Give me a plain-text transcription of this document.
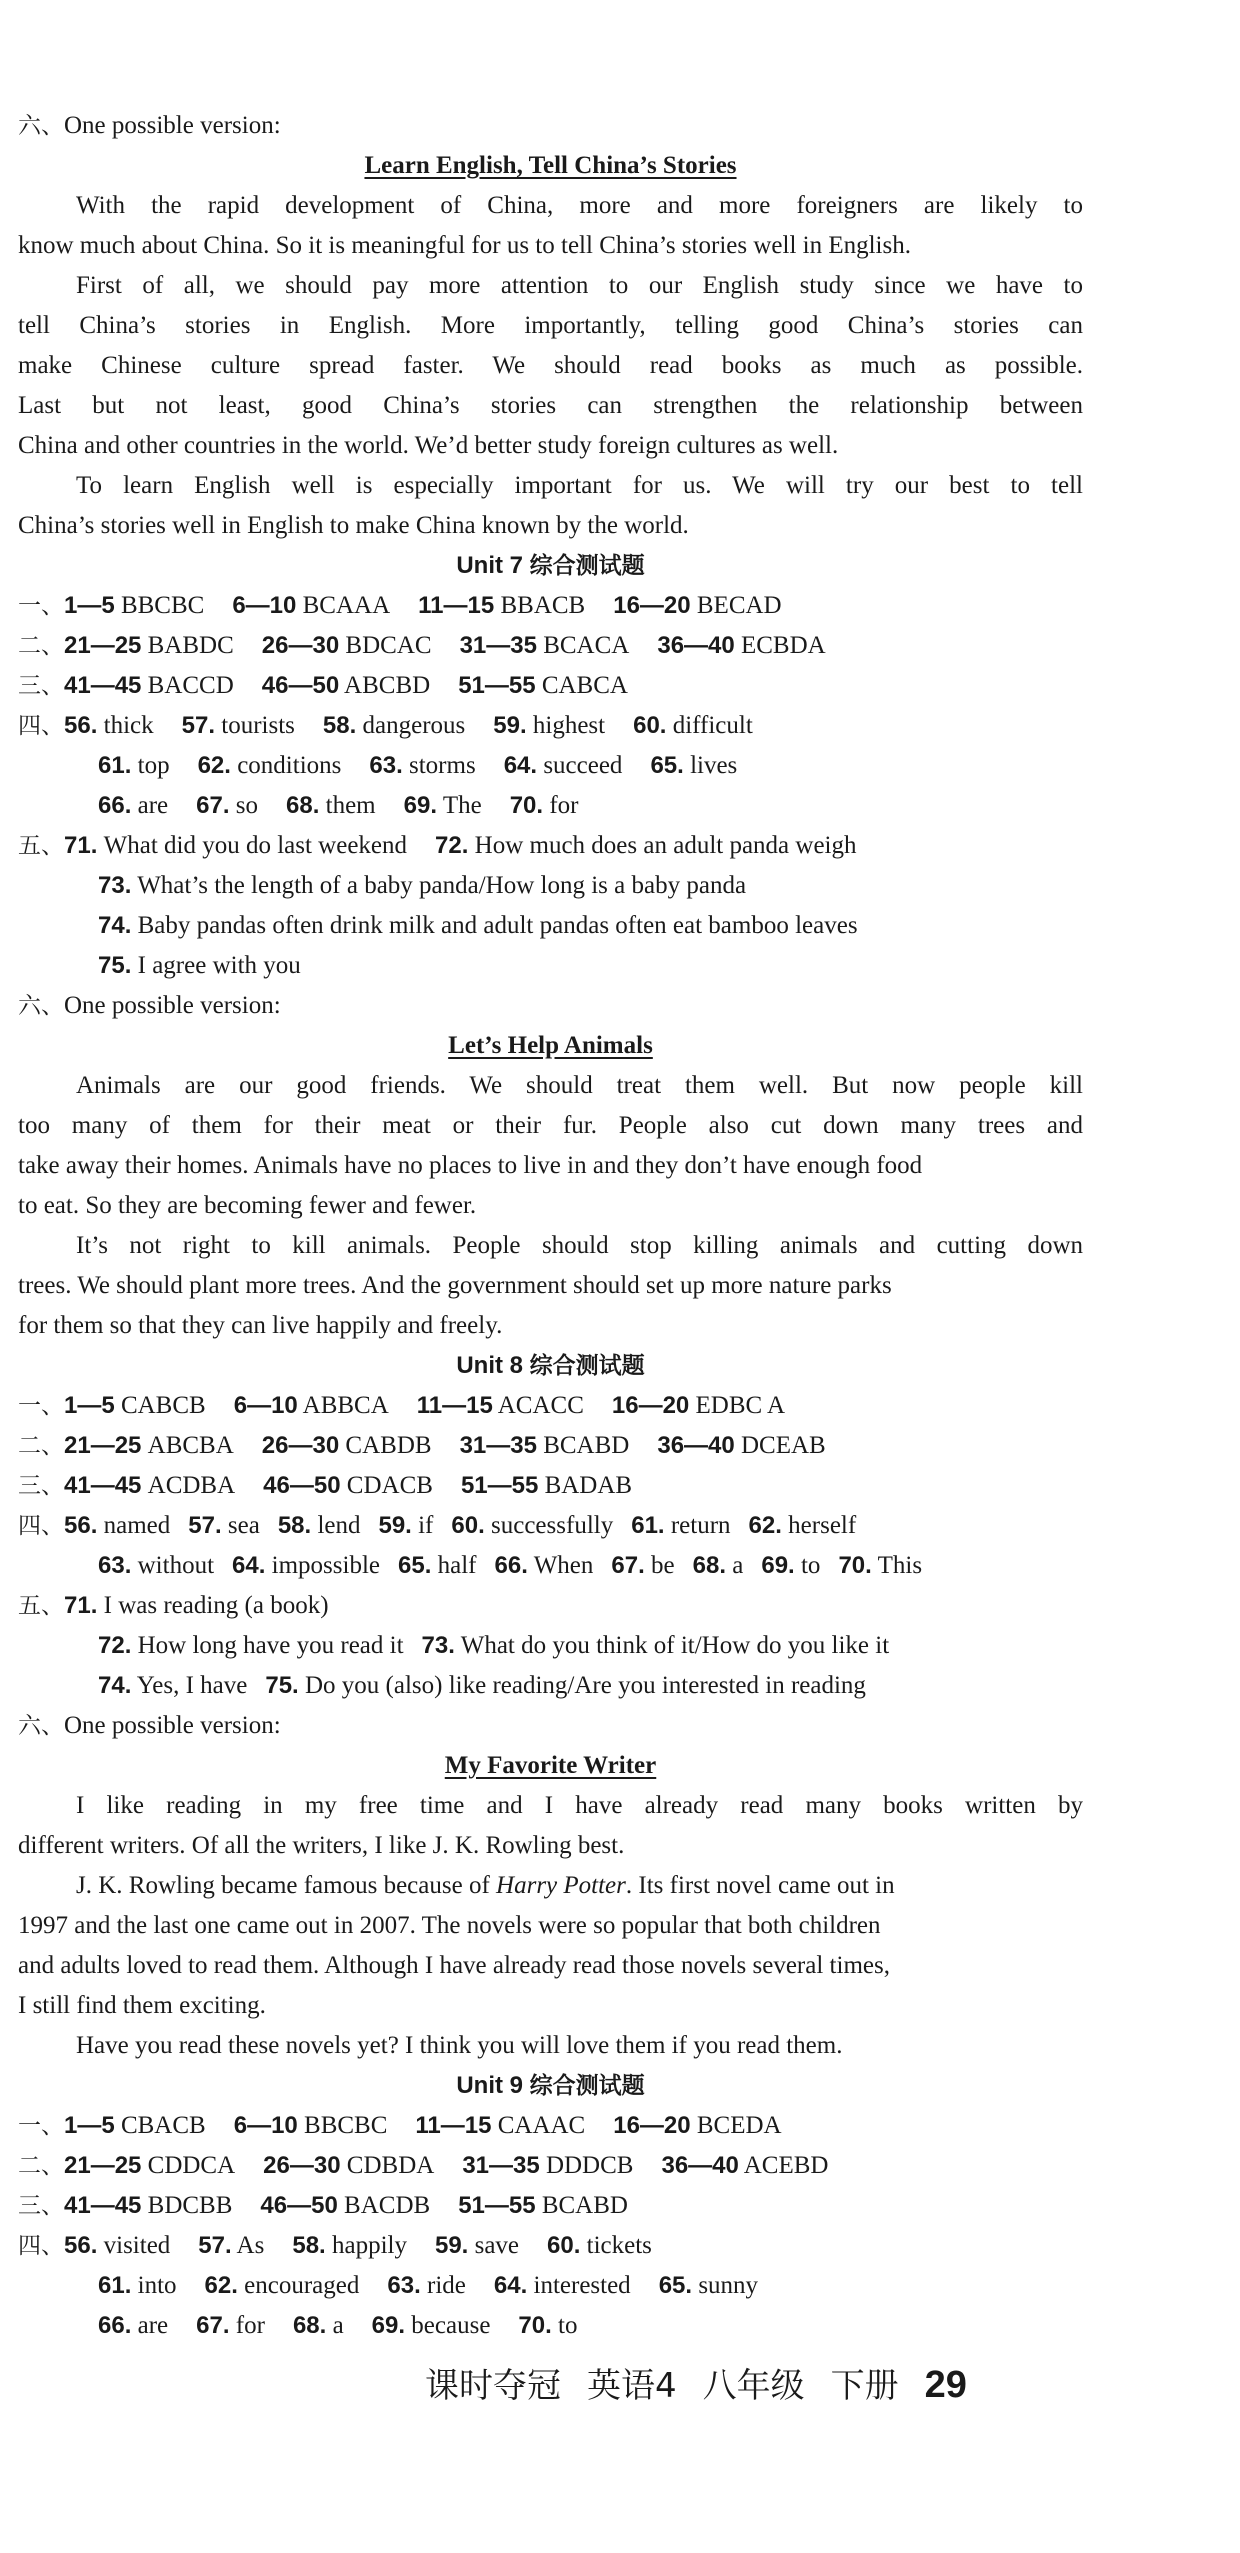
六、One possible version:
Learn English, Tell China’s Stories
With the rapid development of China, more and more foreigners are likely to
know much about China. So it is meaningful for us to tell China’s stories well in English.
First of all, we should pay more attention to our English study since we have to
tell China’s stories in English. More importantly, telling good China’s stories can
make Chinese culture spread faster. We should read books as much as possible.
Last but not least, good China’s stories can strengthen the relationship between
China and other countries in the world. We’d better study foreign cultures as well.
To learn English well is especially important for us. We will try our best to tell
China’s stories well in English to make China known by the world.
Unit 7 综合测试题
一、1—5 BBCBC 6—10 BCAAA 11—15 BBACB 16—20 BECAD
二、21—25 BABDC 26—30 BDCAC 31—35 BCACA 36—40 ECBDA
三、41—45 BACCD 46—50 ABCBD 51—55 CABCA
四、56. thick 57. tourists 58. dangerous 59. highest 60. difficult
61. top 62. conditions 63. storms 64. succeed 65. lives
66. are 67. so 68. them 69. The 70. for
五、71. What did you do last weekend 72. How much does an adult panda weigh
73. What’s the length of a baby panda/How long is a baby panda
74. Baby pandas often drink milk and adult pandas often eat bamboo leaves
75. I agree with you
六、One possible version:
Let’s Help Animals
Animals are our good friends. We should treat them well. But now people kill
too many of them for their meat or their fur. People also cut down many trees and
take away their homes. Animals have no places to live in and they don’t have enough food
to eat. So they are becoming fewer and fewer.
It’s not right to kill animals. People should stop killing animals and cutting down
trees. We should plant more trees. And the government should set up more nature parks
for them so that they can live happily and freely.
Unit 8 综合测试题
一、1—5 CABCB 6—10 ABBCA 11—15 ACACC 16—20 EDBC A
二、21—25 ABCBA 26—30 CABDB 31—35 BCABD 36—40 DCEAB
三、41—45 ACDBA 46—50 CDACB 51—55 BADAB
四、56. named 57. sea 58. lend 59. if 60. successfully 61. return 62. herself
63. without 64. impossible 65. half 66. When 67. be 68. a 69. to 70. This
五、71. I was reading (a book)
72. How long have you read it 73. What do you think of it/How do you like it
74. Yes, I have 75. Do you (also) like reading/Are you interested in reading
六、One possible version:
My Favorite Writer
I like reading in my free time and I have already read many books written by
different writers. Of all the writers, I like J. K. Rowling best.
J. K. Rowling became famous because of Harry Potter. Its first novel came out in
1997 and the last one came out in 2007. The novels were so popular that both children
and adults loved to read them. Although I have already read those novels several times,
I still find them exciting.
Have you read these novels yet? I think you will love them if you read them.
Unit 9 综合测试题
一、1—5 CBACB 6—10 BBCBC 11—15 CAAAC 16—20 BCEDA
二、21—25 CDDCA 26—30 CDBDA 31—35 DDDCB 36—40 ACEBD
三、41—45 BDCBB 46—50 BACDB 51—55 BCABD
四、56. visited 57. As 58. happily 59. save 60. tickets
61. into 62. encouraged 63. ride 64. interested 65. sunny
66. are 67. for 68. a 69. because 70. to
课时夺冠 英语4 八年级 下册 29
